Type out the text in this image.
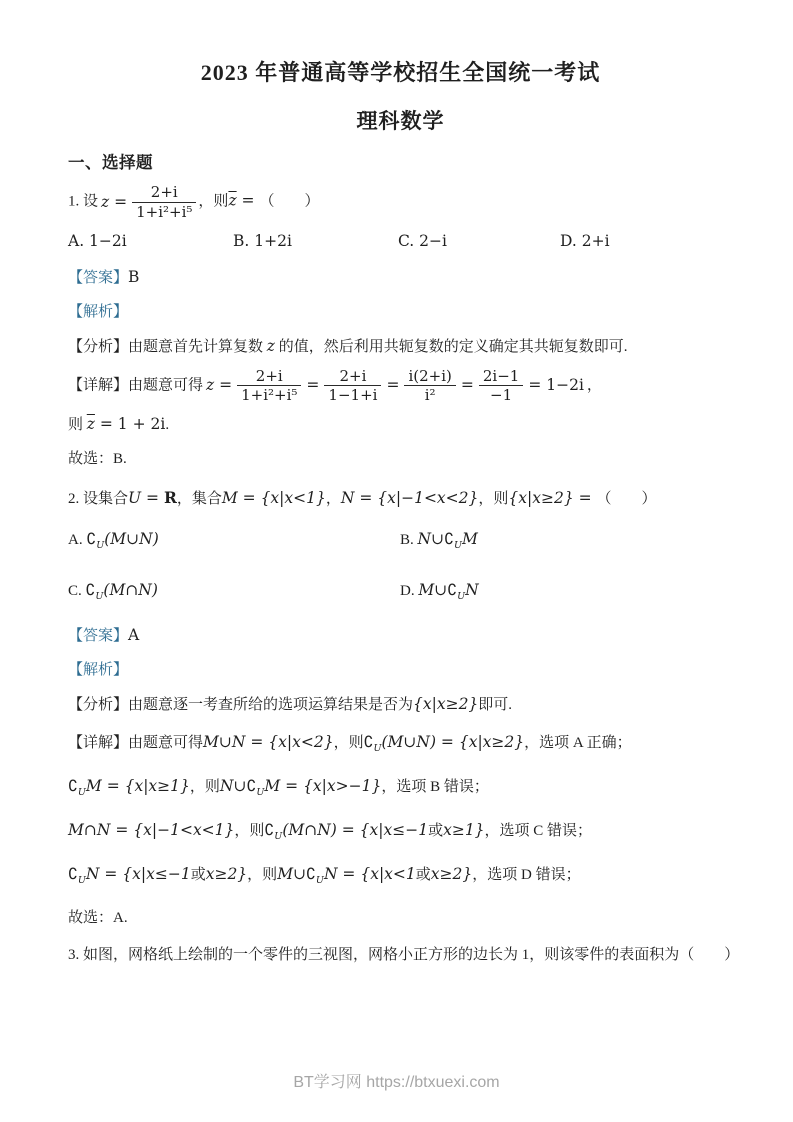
2023 年普通高等学校招生全国统一考试
理科数学
一、选择题

1. 设 $z = \frac{2+i}{\text{1+i²+i⁵}}$ ，则$\overline{z}$ = （　　）

A. 1−2i	B. 1+2i	C. 2−i	D. 2+i

【答案】B

【解析】

【分析】由题意首先计算复数 z 的值，然后利用共轭复数的定义确定其共轭复数即可.

【详解】由题意可得 $z = \frac{2+i}{\text{1+i²+i⁵}} = \frac{2+i}{1-1+i} = \frac{i(2+i)}{\text{i²}} = \frac{2i-1}{-1} = 1-2i$ ，

则 $\overline{z} = 1 + 2i$.

故选：B.

2. 设集合U = R，集合M = {x|x<1}，N = {x|−1<x<2}，则{x|x≥2} = （　　）

A. $∁_U(M\cup N)$	B. $N\cup∁_UM$
C. $∁_U(M\cap N)$	D. $M\cup∁_UN$

【答案】A

【解析】

【分析】由题意逐一考查所给的选项运算结果是否为{x|x≥2}即可.

【详解】由题意可得M∪N = {x|x<2}，则$∁_U(M\cup N) = \{x|x\ge 2\}$，选项 A 正确；

$∁_UM = \{x|x\ge 1\}$，则$N\cup∁_UM = \{x|x>-1\}$，选项 B 错误；

M∩N = {x|−1<x<1}，则$∁_U(M\cap N) = \{x|x\le-1$或x≥1}，选项 C 错误；

$∁_UN = \{x|x\le-1$或x≥2}，则$M\cup∁_UN = \{x|x<1$或x≥2}，选项 D 错误；

故选：A.

3. 如图，网格纸上绘制的一个零件的三视图，网格小正方形的边长为 1，则该零件的表面积为（　　）

BT学习网 https://btxuexi.com
